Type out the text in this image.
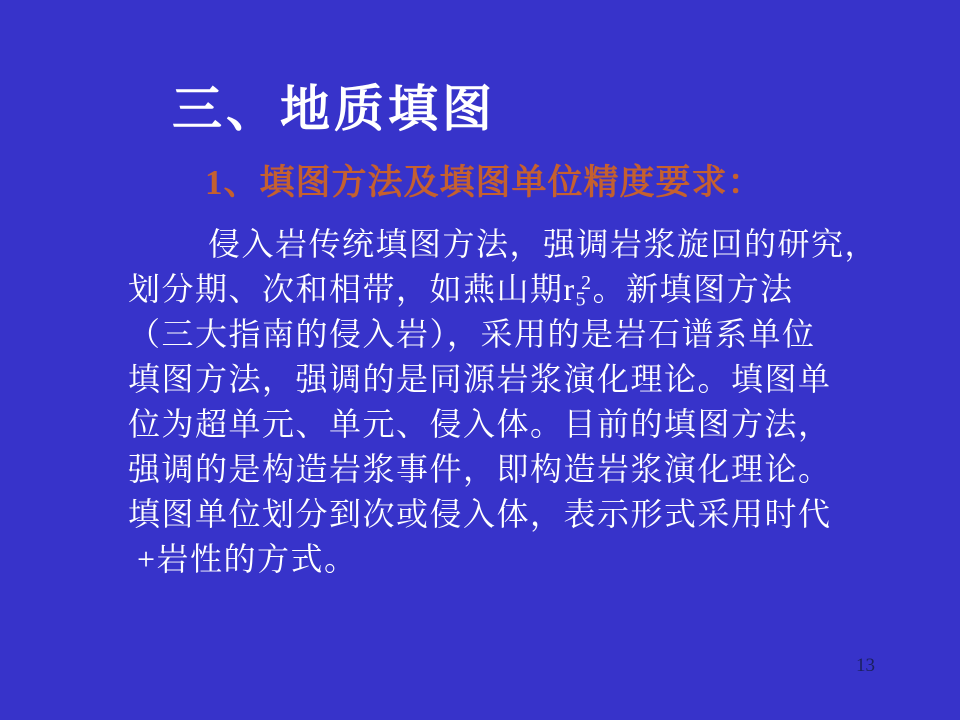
三、地质填图
1、填图方法及填图单位精度要求：
侵入岩传统填图方法，强调岩浆旋回的研究，
划分期、次和相带，如燕山期$r_5^2$。新填图方法
（三大指南的侵入岩），采用的是岩石谱系单位
填图方法，强调的是同源岩浆演化理论。填图单
位为超单元、单元、侵入体。目前的填图方法，
强调的是构造岩浆事件，即构造岩浆演化理论。
填图单位划分到次或侵入体，表示形式采用时代
+岩性的方式。
13
